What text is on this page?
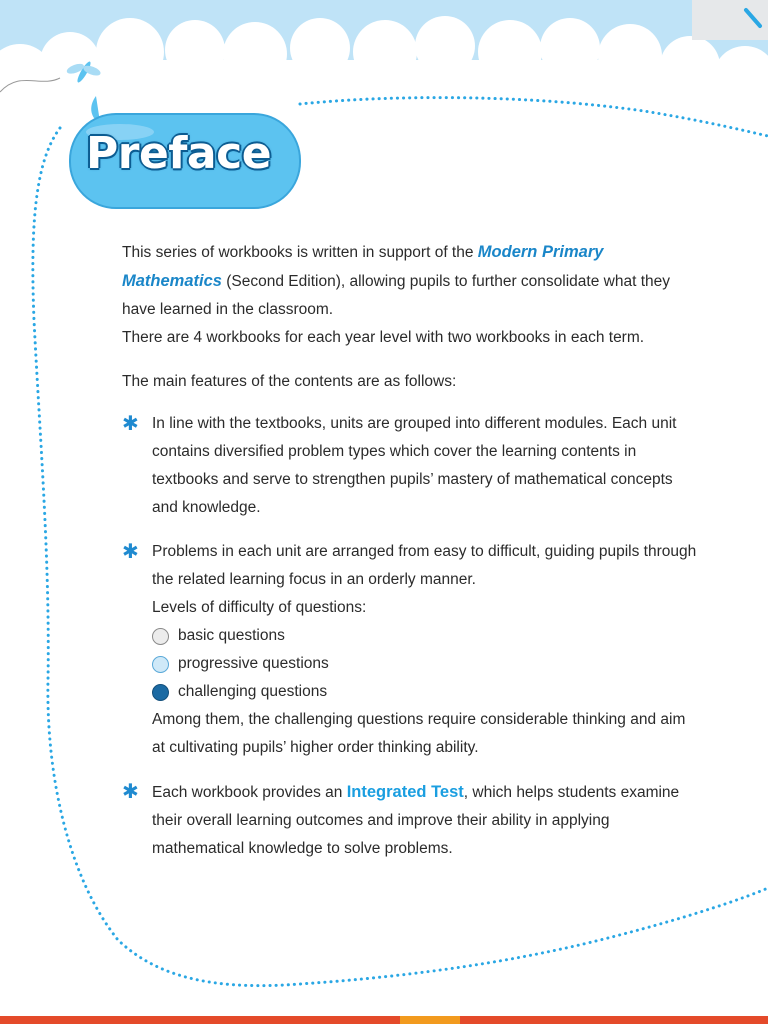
Preface

This series of workbooks is written in support of the Modern Primary Mathematics (Second Edition), allowing pupils to further consolidate what they have learned in the classroom.

There are 4 workbooks for each year level with two workbooks in each term.

The main features of the contents are as follows:

✱ In line with the textbooks, units are grouped into different modules. Each unit contains diversified problem types which cover the learning contents in textbooks and serve to strengthen pupils’ mastery of mathematical concepts and knowledge.
✱ Problems in each unit are arranged from easy to difficult, guiding pupils through the related learning focus in an orderly manner.
Levels of difficulty of questions:
basic questions
progressive questions
challenging questions
Among them, the challenging questions require considerable thinking and aim at cultivating pupils’ higher order thinking ability.
✱ Each workbook provides an Integrated Test, which helps students examine their overall learning outcomes and improve their ability in applying mathematical knowledge to solve problems.
